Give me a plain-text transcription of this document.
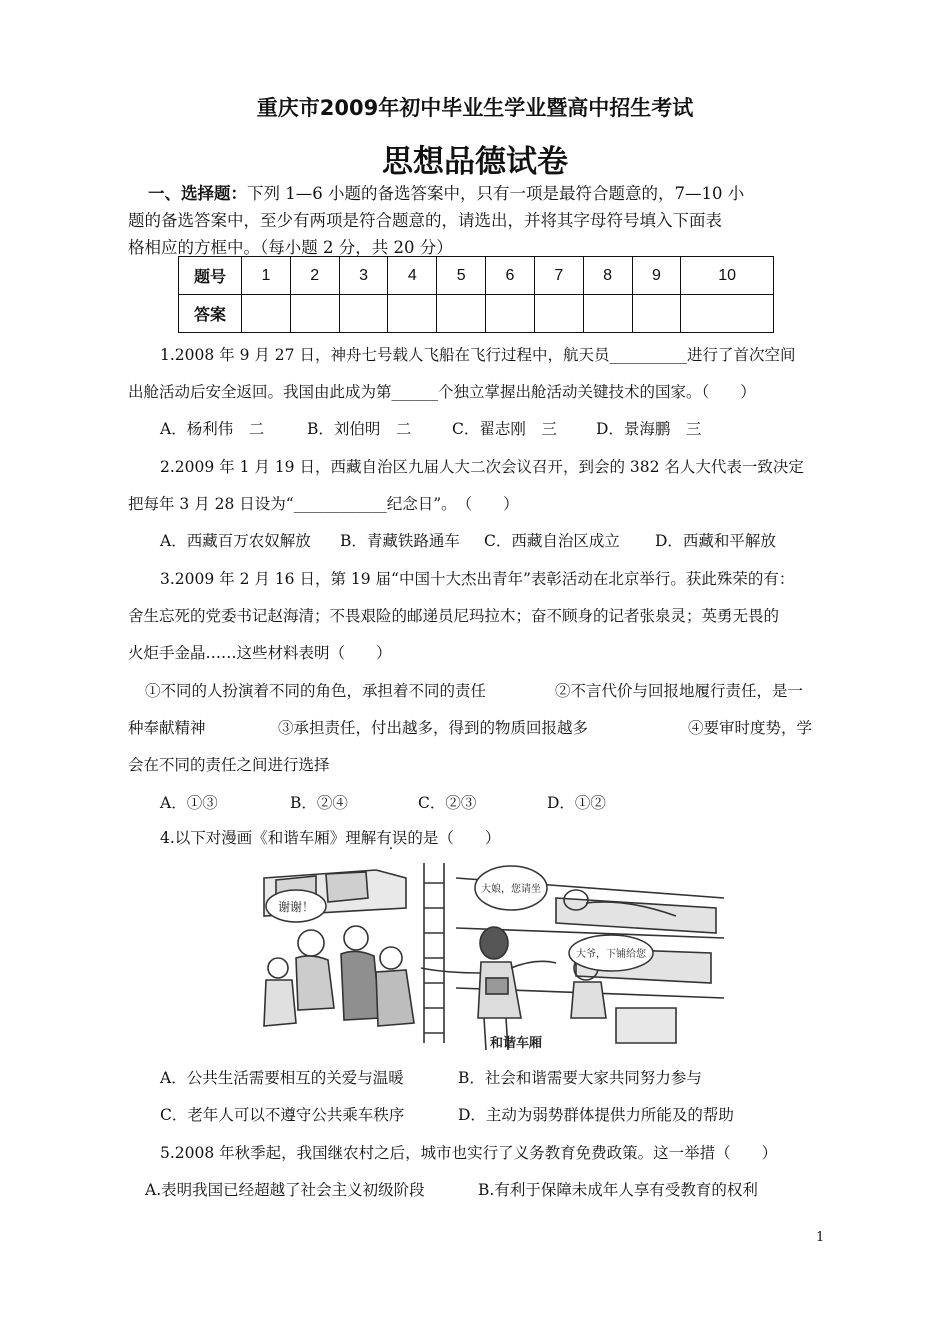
重庆市2009年初中毕业生学业暨高中招生考试
思想品德试卷
一、选择题：下列 1—6 小题的备选答案中，只有一项是最符合题意的，7—10 小
题的备选答案中，至少有两项是符合题意的，请选出，并将其字母符号填入下面表
格相应的方框中。（每小题 2 分，共 20 分）
题号	1	2	3	4	5	6	7	8	9	10
答案										
1.2008 年 9 月 27 日，神舟七号载人飞船在飞行过程中，航天员__________进行了首次空间
出舱活动后安全返回。我国由此成为第______个独立掌握出舱活动关键技术的国家。（　　）
A．杨利伟　二	B．刘伯明　二	C．翟志刚　三	D．景海鹏　三
2.2009 年 1 月 19 日，西藏自治区九届人大二次会议召开，到会的 382 名人大代表一致决定
把每年 3 月 28 日设为“____________纪念日”。　（　　）
A．西藏百万农奴解放 B．青藏铁路通车 C．西藏自治区成立 D．西藏和平解放
3.2009 年 2 月 16 日，第 19 届“中国十大杰出青年”表彰活动在北京举行。获此殊荣的有：
舍生忘死的党委书记赵海清；不畏艰险的邮递员尼玛拉木；奋不顾身的记者张泉灵；英勇无畏的
火炬手金晶……这些材料表明（　　）
①不同的人扮演着不同的角色，承担着不同的责任	②不言代价与回报地履行责任，是一
种奉献精神	③承担责任，付出越多，得到的物质回报越多	④要审时度势，学
会在不同的责任之间进行选择
A．①③	B．②④	C．②③	D．①②
4.以下对漫画《和谐车厢》理解有误的是（　　）
谢谢！
大娘，您请坐
大爷，下铺给您
和谐车厢
A．公共生活需要相互的关爱与温暖	B．社会和谐需要大家共同努力参与
C．老年人可以不遵守公共乘车秩序	D．主动为弱势群体提供力所能及的帮助
5.2008 年秋季起，我国继农村之后，城市也实行了义务教育免费政策。这一举措（　　）
A.表明我国已经超越了社会主义初级阶段	B.有利于保障未成年人享有受教育的权利
1
